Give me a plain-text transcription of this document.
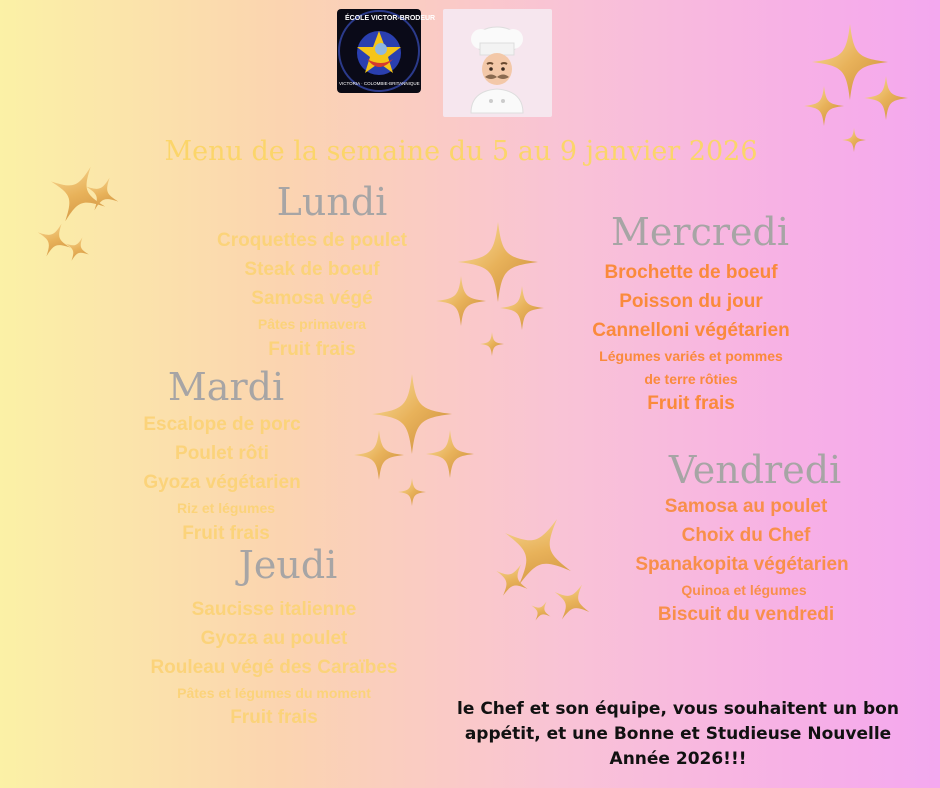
ÉCOLE VICTOR-BRODEUR
VICTORIA · COLOMBIE-BRITANNIQUE
Menu de la semaine du 5 au 9 janvier 2026
Lundi
Croquettes de poulet
Steak de boeuf
Samosa végé
Pâtes primavera
Fruit frais
Mardi
Escalope de porc
Poulet rôti
Gyoza végétarien
Riz et légumes
Fruit frais
Jeudi
Saucisse italienne
Gyoza au poulet
Rouleau végé des Caraïbes
Pâtes et légumes du moment
Fruit frais
Mercredi
Brochette de boeuf
Poisson du jour
Cannelloni végétarien
Légumes variés et pommes
de terre rôties
Fruit frais
Vendredi
Samosa au poulet
Choix du Chef
Spanakopita végétarien
Quinoa et légumes
Biscuit du vendredi
le Chef et son équipe, vous souhaitent un bon
appétit, et une Bonne et Studieuse Nouvelle
Année 2026!!!
